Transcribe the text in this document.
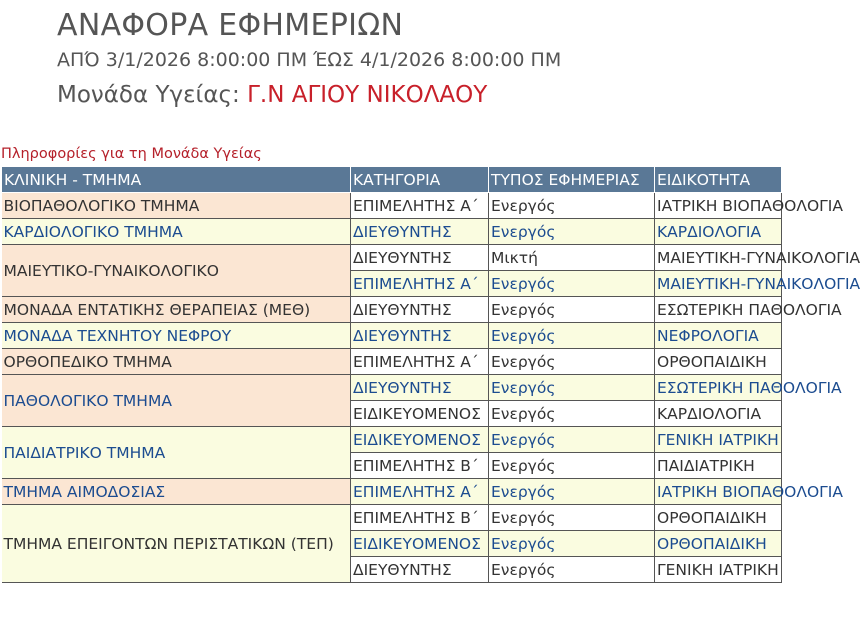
ΑΝΑΦΟΡΑ ΕΦΗΜΕΡΙΩΝ
ΑΠΌ 3/1/2026 8:00:00 ΠΜ ΈΩΣ 4/1/2026 8:00:00 ΠΜ
Μονάδα Υγείας: Γ.Ν ΑΓΙΟΥ ΝΙΚΟΛΑΟΥ
Πληροφορίες για τη Μονάδα Υγείας
ΚΛΙΝΙΚΗ - ΤΜΗΜΑ	ΚΑΤΗΓΟΡΙΑ	ΤΥΠΟΣ ΕΦΗΜΕΡΙΑΣ	ΕΙΔΙΚΟΤΗΤΑ
ΒΙΟΠΑΘΟΛΟΓΙΚΟ ΤΜΗΜΑ	ΕΠΙΜΕΛΗΤΗΣ Α΄	Ενεργός	ΙΑΤΡΙΚΗ ΒΙΟΠΑΘΟΛΟΓΙΑ
ΚΑΡΔΙΟΛΟΓΙΚΟ ΤΜΗΜΑ	ΔΙΕΥΘΥΝΤΗΣ	Ενεργός	ΚΑΡΔΙΟΛΟΓΙΑ
ΜΑΙΕΥΤΙΚΟ-ΓΥΝΑΙΚΟΛΟΓΙΚΟ	ΔΙΕΥΘΥΝΤΗΣ	Μικτή	ΜΑΙΕΥΤΙΚΗ-ΓΥΝΑΙΚΟΛΟΓΙΑ
	ΕΠΙΜΕΛΗΤΗΣ Α΄	Ενεργός	ΜΑΙΕΥΤΙΚΗ-ΓΥΝΑΙΚΟΛΟΓΙΑ
ΜΟΝΑΔΑ ΕΝΤΑΤΙΚΗΣ ΘΕΡΑΠΕΙΑΣ (ΜΕΘ)	ΔΙΕΥΘΥΝΤΗΣ	Ενεργός	ΕΣΩΤΕΡΙΚΗ ΠΑΘΟΛΟΓΙΑ
ΜΟΝΑΔΑ ΤΕΧΝΗΤΟΥ ΝΕΦΡΟΥ	ΔΙΕΥΘΥΝΤΗΣ	Ενεργός	ΝΕΦΡΟΛΟΓΙΑ
ΟΡΘΟΠΕΔΙΚΟ ΤΜΗΜΑ	ΕΠΙΜΕΛΗΤΗΣ Α΄	Ενεργός	ΟΡΘΟΠΑΙΔΙΚΗ
ΠΑΘΟΛΟΓΙΚΟ ΤΜΗΜΑ	ΔΙΕΥΘΥΝΤΗΣ	Ενεργός	ΕΣΩΤΕΡΙΚΗ ΠΑΘΟΛΟΓΙΑ
	ΕΙΔΙΚΕΥΟΜΕΝΟΣ	Ενεργός	ΚΑΡΔΙΟΛΟΓΙΑ
ΠΑΙΔΙΑΤΡΙΚΟ ΤΜΗΜΑ	ΕΙΔΙΚΕΥΟΜΕΝΟΣ	Ενεργός	ΓΕΝΙΚΗ ΙΑΤΡΙΚΗ
	ΕΠΙΜΕΛΗΤΗΣ Β΄	Ενεργός	ΠΑΙΔΙΑΤΡΙΚΗ
ΤΜΗΜΑ ΑΙΜΟΔΟΣΙΑΣ	ΕΠΙΜΕΛΗΤΗΣ Α΄	Ενεργός	ΙΑΤΡΙΚΗ ΒΙΟΠΑΘΟΛΟΓΙΑ
ΤΜΗΜΑ ΕΠΕΙΓΟΝΤΩΝ ΠΕΡΙΣΤΑΤΙΚΩΝ (ΤΕΠ)	ΕΠΙΜΕΛΗΤΗΣ Β΄	Ενεργός	ΟΡΘΟΠΑΙΔΙΚΗ
	ΕΙΔΙΚΕΥΟΜΕΝΟΣ	Ενεργός	ΟΡΘΟΠΑΙΔΙΚΗ
	ΔΙΕΥΘΥΝΤΗΣ	Ενεργός	ΓΕΝΙΚΗ ΙΑΤΡΙΚΗ
